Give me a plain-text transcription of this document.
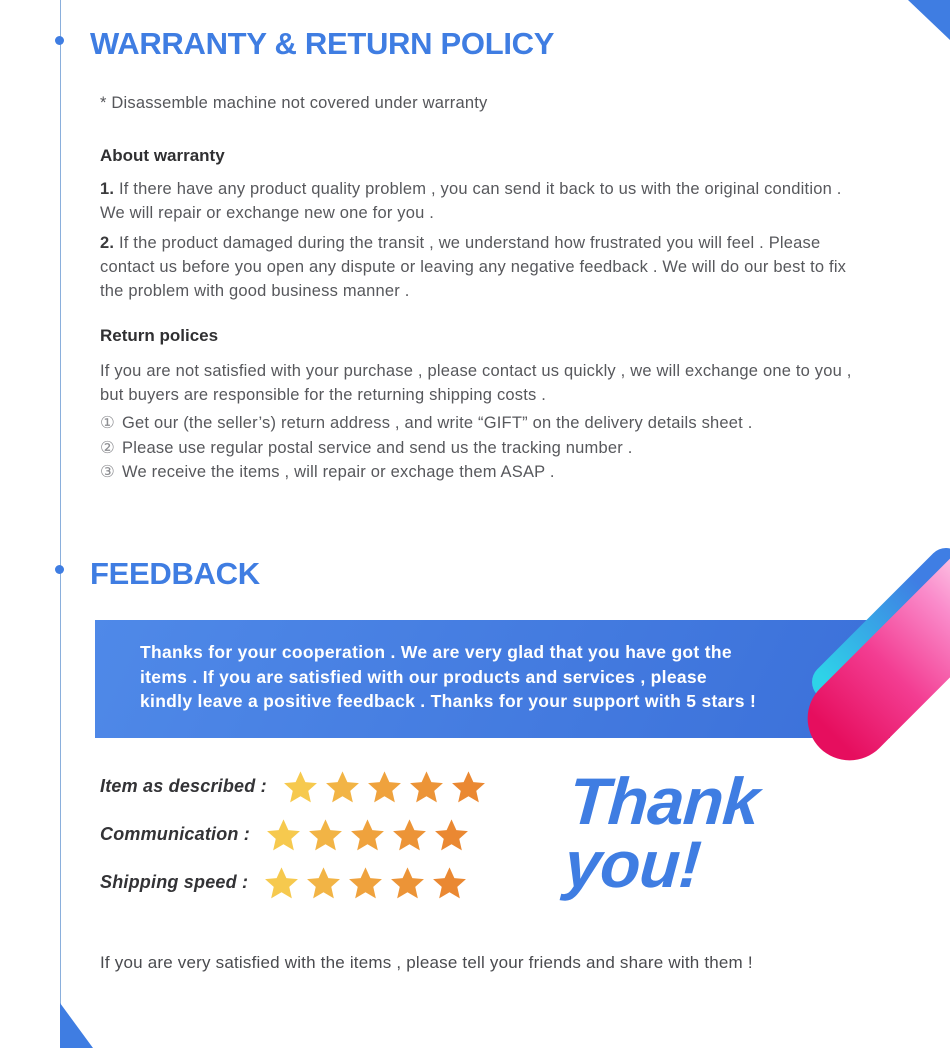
WARRANTY & RETURN POLICY
* Disassemble machine not covered under warranty
About warranty
1. If there have any product quality problem , you can send it back to us with the original condition . We will repair or exchange new one for you .
2. If the product damaged during the transit , we understand how frustrated you will feel . Please contact us before you open any dispute or leaving any negative feedback . We will do our best to fix the problem with good business manner .
Return polices
If you are not satisfied with your purchase , please contact us quickly , we will exchange one to you , but buyers are responsible for the returning shipping costs .
① Get our (the seller’s) return address , and write “GIFT” on the delivery details sheet .
② Please use regular postal service and send us the tracking number .
③ We receive the items , will repair or exchage them ASAP .
FEEDBACK
Thanks for your cooperation . We are very glad that you have got the
items . If you are satisfied with our products and services , please
kindly leave a positive feedback . Thanks for your support with 5 stars !
Item as described :
Communication :
Shipping speed :
Thank
you!
If you are very satisfied with the items , please tell your friends and share with them !
